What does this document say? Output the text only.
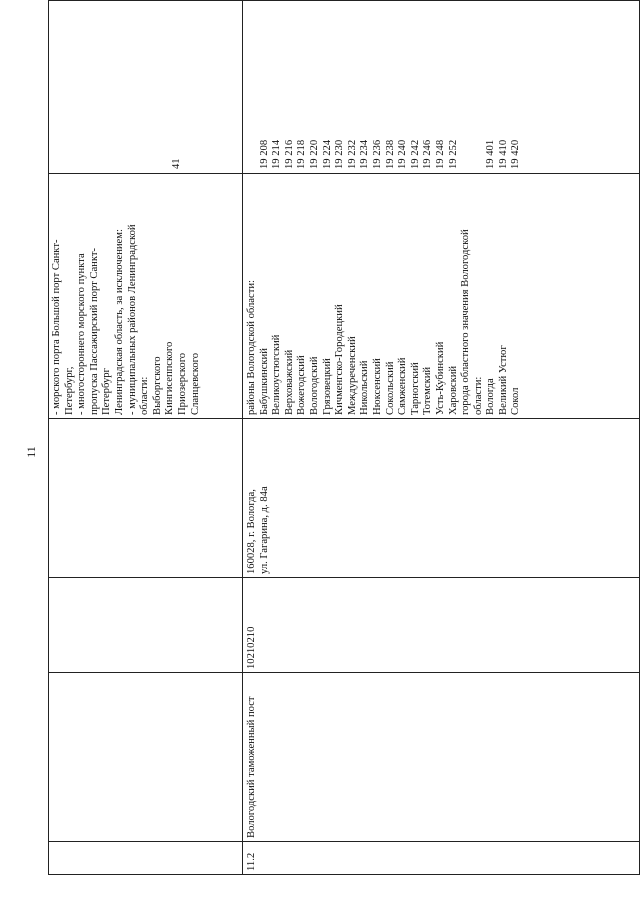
11
- морского порта Большой порт Санкт- Петербург, - многостороннего морского пункта пропуска Пассажирский порт Санкт- Петербург Ленинградская область, за исключением: - муниципальных районов Ленинградской области: Выборгского Кингисеппского Приозерского Сланцевского
41
11.2
Вологодский таможенный пост
10210210
160028, г. Вологда, ул. Гагарина, д. 84а
районы Вологодской области: Бабушкинский Великоустюгский Верховажский Вожегодский Вологодский Грязовецкий Кичменгско-Городецкий Междуреченский Никольский Нюксенский Сокольский Сямженский Тарногский Тотемский Усть-Кубинский Харовский города областного значения Вологодской области: Вологда Великий Устюг Сокол
19 208 19 214 19 216 19 218 19 220 19 224 19 230 19 232 19 234 19 236 19 238 19 240 19 242 19 246 19 248 19 252	19 401 19 410 19 420
